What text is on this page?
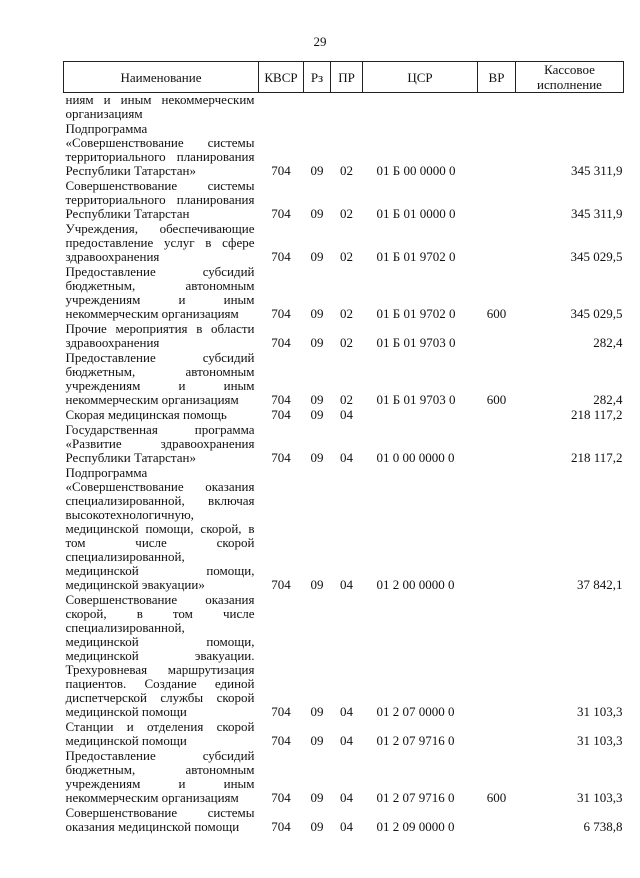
29
Наименование	КВСР	Рз	ПР	ЦСР	ВР	Кассовое исполнение
ниям и иным некоммерческим организациям						
Подпрограмма «Совершенствование системы территориального планирования Республики Татарстан»	704	09	02	01 Б 00 0000 0		345 311,9
Совершенствование системы территориального планирования Республики Татарстан	704	09	02	01 Б 01 0000 0		345 311,9
Учреждения, обеспечивающие предоставление услуг в сфере здравоохранения	704	09	02	01 Б 01 9702 0		345 029,5
Предоставление субсидий бюджетным, автономным учреждениям и иным некоммерческим организациям	704	09	02	01 Б 01 9702 0	600	345 029,5
Прочие мероприятия в области здравоохранения	704	09	02	01 Б 01 9703 0		282,4
Предоставление субсидий бюджетным, автономным учреждениям и иным некоммерческим организациям	704	09	02	01 Б 01 9703 0	600	282,4
Скорая медицинская помощь	704	09	04			218 117,2
Государственная программа «Развитие здравоохранения Республики Татарстан»	704	09	04	01 0 00 0000 0		218 117,2
Подпрограмма «Совершенствование оказания специализированной, включая высокотехнологичную, медицинской помощи, скорой, в том числе скорой специализированной, медицинской помощи, медицинской эвакуации»	704	09	04	01 2 00 0000 0		37 842,1
Совершенствование оказания скорой, в том числе специализированной, медицинской помощи, медицинской эвакуации. Трехуровневая маршрутизация пациентов. Создание единой диспетчерской службы скорой медицинской помощи	704	09	04	01 2 07 0000 0		31 103,3
Станции и отделения скорой медицинской помощи	704	09	04	01 2 07 9716 0		31 103,3
Предоставление субсидий бюджетным, автономным учреждениям и иным некоммерческим организациям	704	09	04	01 2 07 9716 0	600	31 103,3
Совершенствование системы оказания медицинской помощи	704	09	04	01 2 09 0000 0		6 738,8
